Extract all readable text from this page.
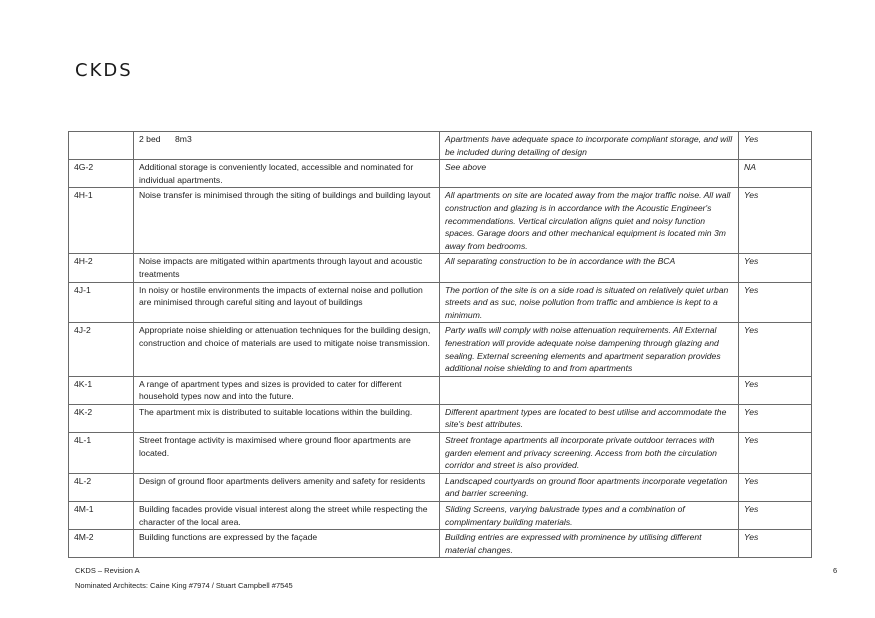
CKDS
	2 bed 8m3	Apartments have adequate space to incorporate compliant storage, and will be included during detailing of design	Yes
4G-2	Additional storage is conveniently located, accessible and nominated for individual apartments.	See above	NA
4H-1	Noise transfer is minimised through the siting of buildings and building layout	All apartments on site are located away from the major traffic noise. All wall construction and glazing is in accordance with the Acoustic Engineer's recommendations. Vertical circulation aligns quiet and noisy function spaces. Garage doors and other mechanical equipment is located min 3m away from bedrooms.	Yes
4H-2	Noise impacts are mitigated within apartments through layout and acoustic treatments	All separating construction to be in accordance with the BCA	Yes
4J-1	In noisy or hostile environments the impacts of external noise and pollution are minimised through careful siting and layout of buildings	The portion of the site is on a side road is situated on relatively quiet urban streets and as suc, noise pollution from traffic and ambience is kept to a minimum.	Yes
4J-2	Appropriate noise shielding or attenuation techniques for the building design, construction and choice of materials are used to mitigate noise transmission.	Party walls will comply with noise attenuation requirements. All External fenestration will provide adequate noise dampening through glazing and sealing. External screening elements and apartment separation provides additional noise shielding to and from apartments	Yes
4K-1	A range of apartment types and sizes is provided to cater for different household types now and into the future.		Yes
4K-2	The apartment mix is distributed to suitable locations within the building.	Different apartment types are located to best utilise and accommodate the site's best attributes.	Yes
4L-1	Street frontage activity is maximised where ground floor apartments are located.	Street frontage apartments all incorporate private outdoor terraces with garden element and privacy screening. Access from both the circulation corridor and street is also provided.	Yes
4L-2	Design of ground floor apartments delivers amenity and safety for residents	Landscaped courtyards on ground floor apartments incorporate vegetation and barrier screening.	Yes
4M-1	Building facades provide visual interest along the street while respecting the character of the local area.	Sliding Screens, varying balustrade types and a combination of complimentary building materials.	Yes
4M-2	Building functions are expressed by the façade	Building entries are expressed with prominence by utilising different material changes.	Yes
CKDS – Revision A
Nominated Architects: Caine King #7974 / Stuart Campbell #7545
6
